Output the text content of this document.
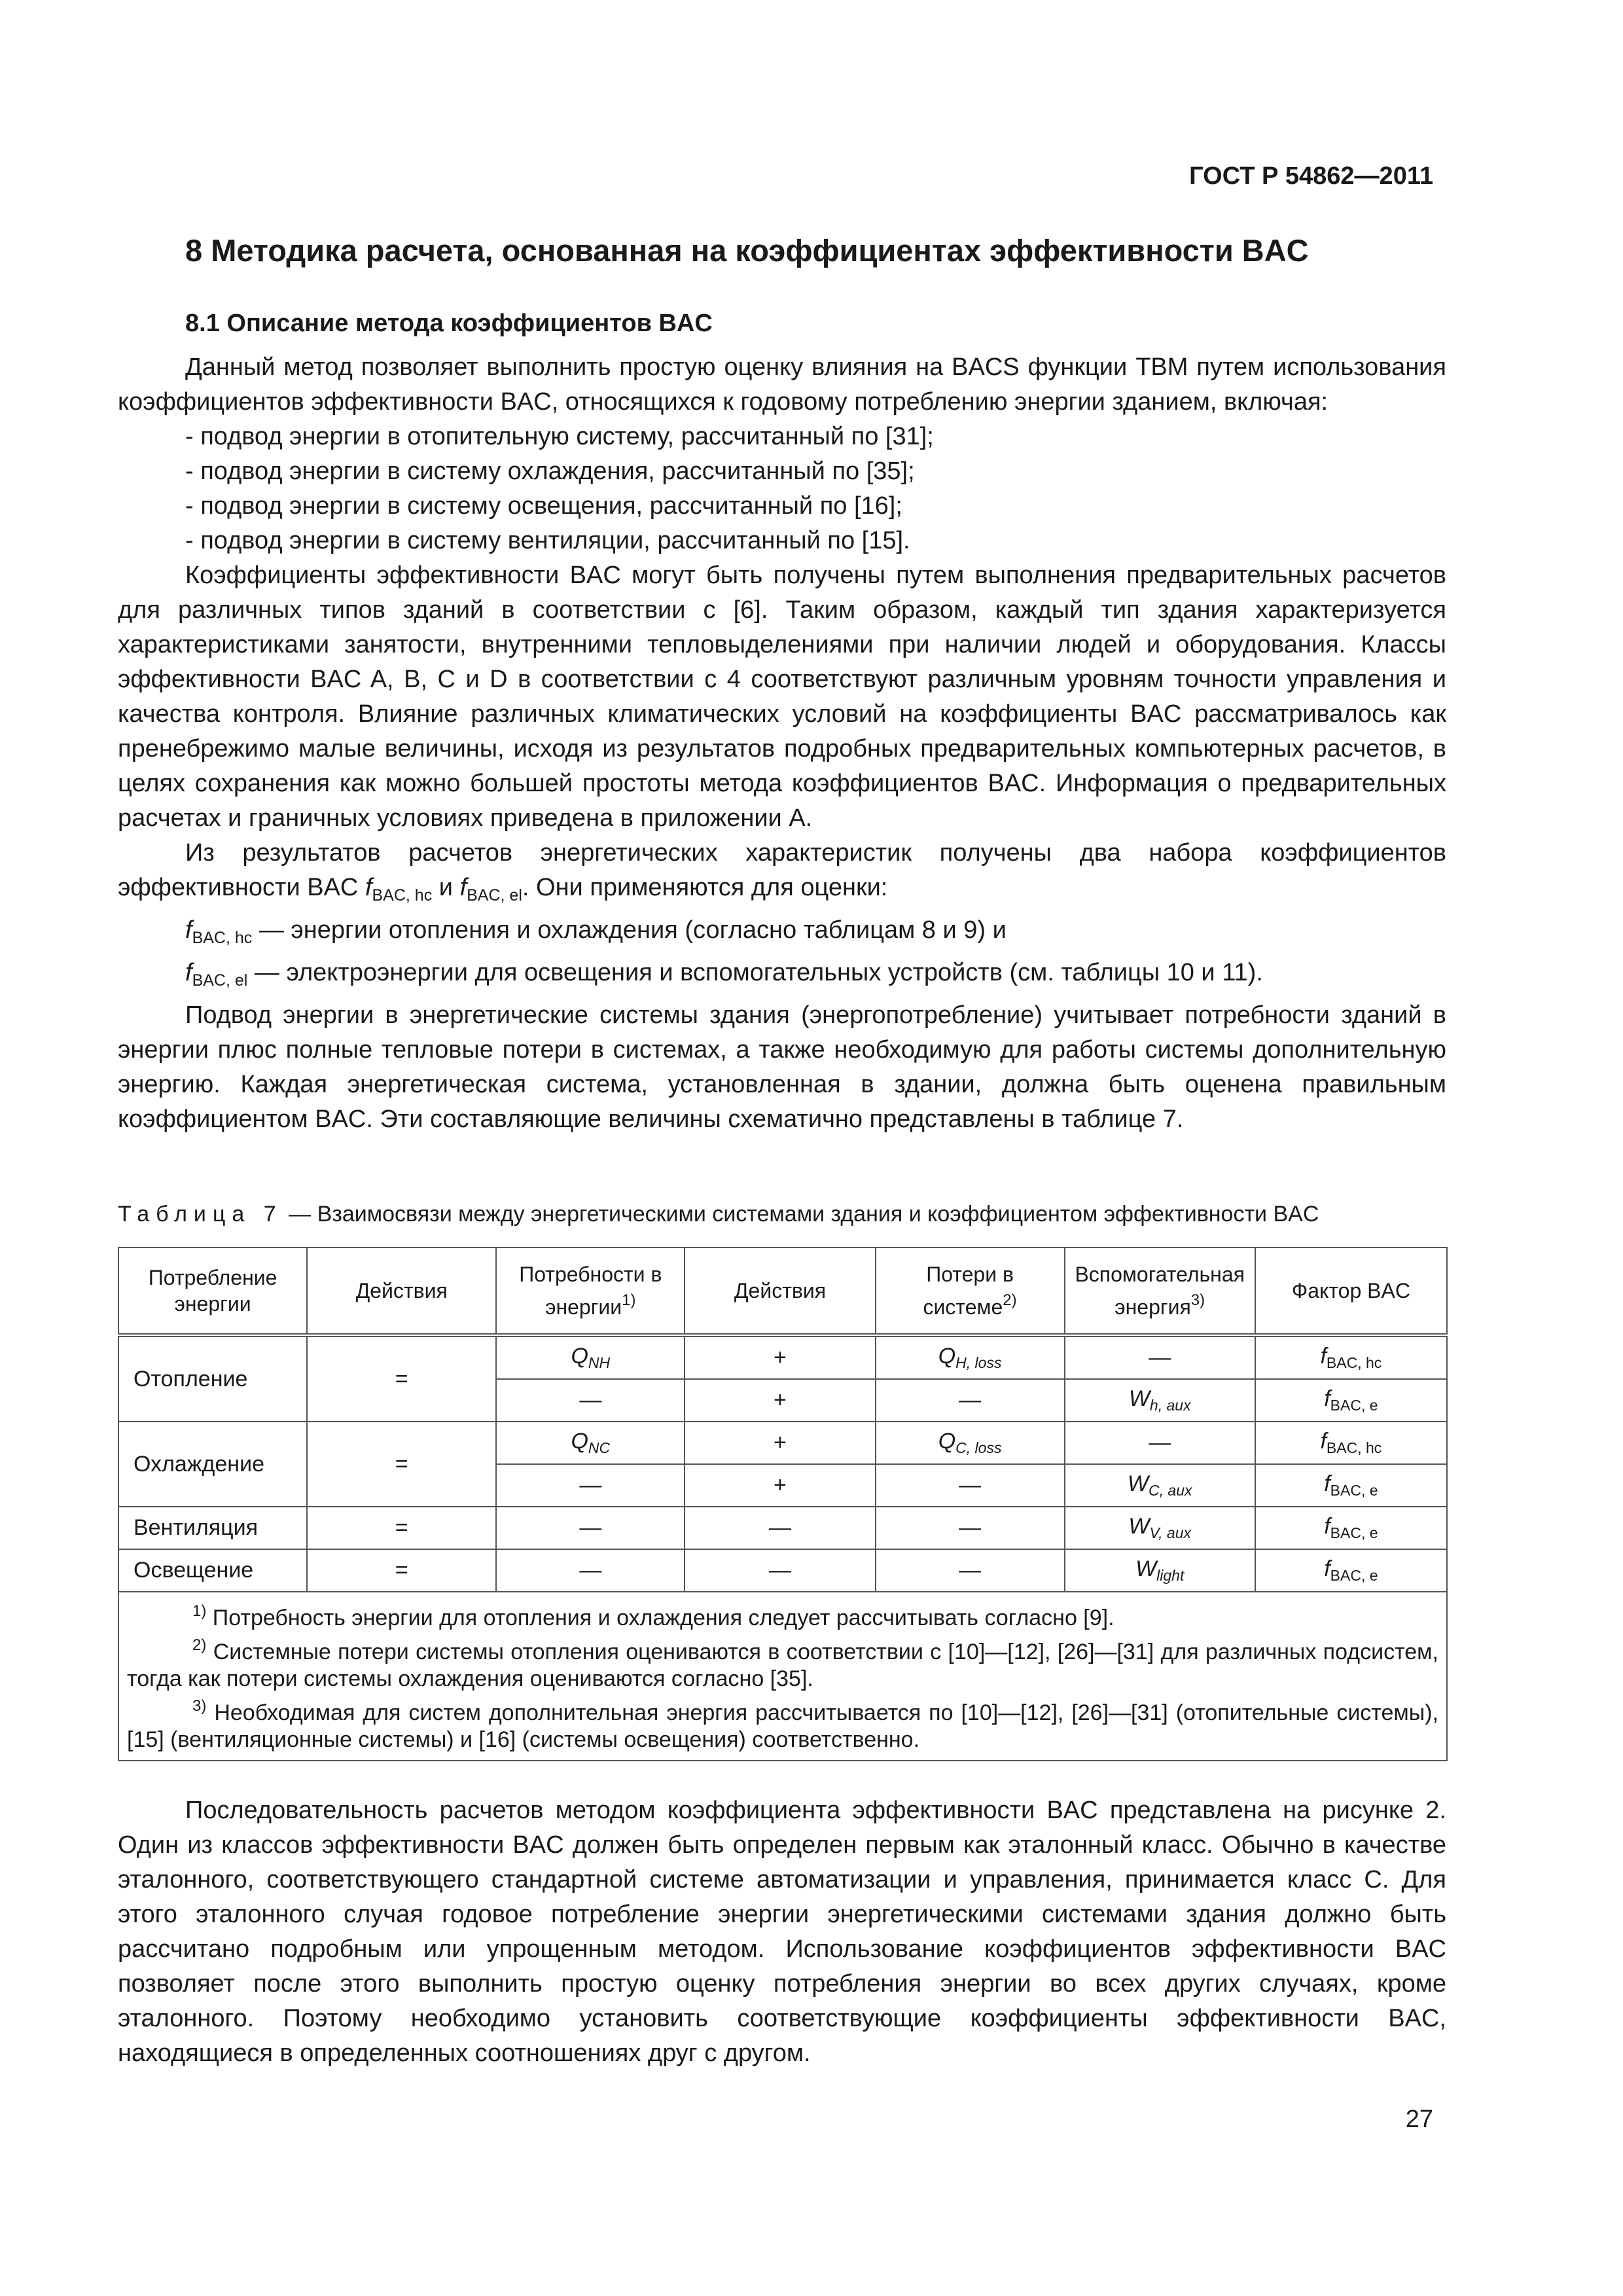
ГОСТ Р 54862—2011
8 Методика расчета, основанная на коэффициентах эффективности BAC
8.1 Описание метода коэффициентов BAC

Данный метод позволяет выполнить простую оценку влияния на BACS функции ТВМ путем использования коэффициентов эффективности BAC, относящихся к годовому потреблению энергии зданием, включая:

- подвод энергии в отопительную систему, рассчитанный по [31];
- подвод энергии в систему охлаждения, рассчитанный по [35];
- подвод энергии в систему освещения, рассчитанный по [16];
- подвод энергии в систему вентиляции, рассчитанный по [15].

Коэффициенты эффективности BAC могут быть получены путем выполнения предварительных расчетов для различных типов зданий в соответствии с [6]. Таким образом, каждый тип здания характеризуется характеристиками занятости, внутренними тепловыделениями при наличии людей и оборудования. Классы эффективности BAC A, B, C и D в соответствии с 4 соответствуют различным уровням точности управления и качества контроля. Влияние различных климатических условий на коэффициенты BAC рассматривалось как пренебрежимо малые величины, исходя из результатов подробных предварительных компьютерных расчетов, в целях сохранения как можно большей простоты метода коэффициентов BAC. Информация о предварительных расчетах и граничных условиях приведена в приложении А.

Из результатов расчетов энергетических характеристик получены два набора коэффициентов эффективности BAC $f_{BAC, hc}$ и $f_{BAC, el}$. Они применяются для оценки:

$f_{BAC, hc}$ — энергии отопления и охлаждения (согласно таблицам 8 и 9) и
$f_{BAC, el}$ — электроэнергии для освещения и вспомогательных устройств (см. таблицы 10 и 11).

Подвод энергии в энергетические системы здания (энергопотребление) учитывает потребности зданий в энергии плюс полные тепловые потери в системах, а также необходимую для работы системы дополнительную энергию. Каждая энергетическая система, установленная в здании, должна быть оценена правильным коэффициентом BAC. Эти составляющие величины схематично представлены в таблице 7.

Таблица 7 — Взаимосвязи между энергетическими системами здания и коэффициентом эффективности BAC
Потребление энергии	Действия	Потребности в энергии$^{1)}$	Действия	Потери в системе$^{2)}$	Вспомогательная энергия$^{3)}$	Фактор BAC
Отопление	=	$Q_{NH}$	+	$Q_{H, loss}$	—	$f_{BAC, hc}$
		—	+	—	$W_{h, aux}$	$f_{BAC, e}$
Охлаждение	=	$Q_{NC}$	+	$Q_{C, loss}$	—	$f_{BAC, hc}$
		—	+	—	$W_{C, aux}$	$f_{BAC, e}$
Вентиляция	=	—	—	—	$W_{V, aux}$	$f_{BAC, e}$
Освещение	=	—	—	—	$W_{light}$	$f_{BAC, e}$

$^{1)}$ Потребность энергии для отопления и охлаждения следует рассчитывать согласно [9].
$^{2)}$ Системные потери системы отопления оцениваются в соответствии с [10]—[12], [26]—[31] для различных подсистем, тогда как потери системы охлаждения оцениваются согласно [35].
$^{3)}$ Необходимая для систем дополнительная энергия рассчитывается по [10]—[12], [26]—[31] (отопительные системы), [15] (вентиляционные системы) и [16] (системы освещения) соответственно.						

Последовательность расчетов методом коэффициента эффективности BAC представлена на рисунке 2. Один из классов эффективности BAC должен быть определен первым как эталонный класс. Обычно в качестве эталонного, соответствующего стандартной системе автоматизации и управления, принимается класс С. Для этого эталонного случая годовое потребление энергии энергетическими системами здания должно быть рассчитано подробным или упрощенным методом. Использование коэффициентов эффективности BAC позволяет после этого выполнить простую оценку потребления энергии во всех других случаях, кроме эталонного. Поэтому необходимо установить соответствующие коэффициенты эффективности BAC, находящиеся в определенных соотношениях друг с другом.

27
